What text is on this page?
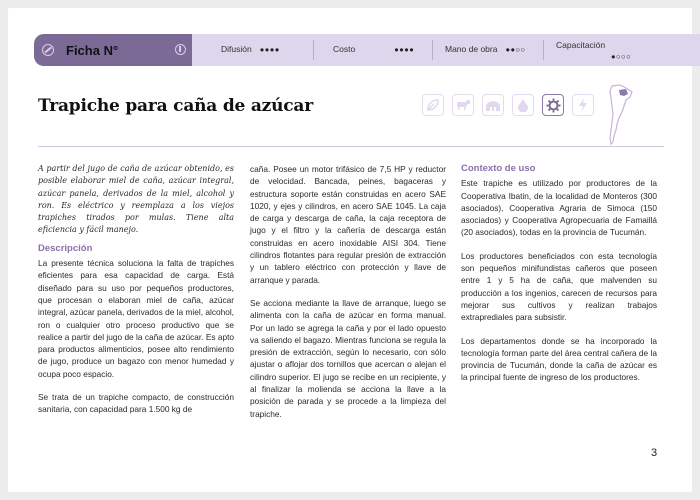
Ficha N°	Difusión ●●●●	Costo	●●●●	Mano de obra ●●○○	Capacitación
●○○○
Trapiche para caña de azúcar

A partir del jugo de caña de azúcar obtenido, es posible elaborar miel de caña, azúcar integral, azúcar panela, derivados de la miel, alcohol y ron. Es eléctrico y reemplaza a los viejos trapiches tirados por mulas. Tiene alta eficiencia y fácil manejo.

Descripción

La presente técnica soluciona la falta de trapiches eficientes para esa capacidad de carga. Está diseñado para su uso por pequeños productores, que procesan o elaboran miel de caña, azúcar integral, azúcar panela, derivados de la miel, alcohol, ron o cualquier otro proceso productivo que se realice a partir del jugo de la caña de azúcar. Es apto para productos alimenticios, posee alto rendimiento de jugo, produce un bagazo con menor humedad y ocupa poco espacio.

Se trata de un trapiche compacto, de construcción sanitaria, con capacidad para 1.500 kg de

caña. Posee un motor trifásico de 7,5 HP y reductor de velocidad. Bancada, peines, bagaceras y estructura soporte están construidas en acero SAE 1020, y ejes y cilindros, en acero SAE 1045. La caja de carga y descarga de caña, la caja receptora de jugo y el filtro y la cañería de descarga están construidas en acero inoxidable AISI 304. Tiene cilindros flotantes para regular presión de extracción y un tablero eléctrico con protección y llave de arranque y parada.

Se acciona mediante la llave de arranque, luego se alimenta con la caña de azúcar en forma manual. Por un lado se agrega la caña y por el lado opuesto va saliendo el bagazo. Mientras funciona se regula la presión de extracción, según lo necesario, con sólo ajustar o aflojar dos tornillos que acercan o alejan el cilindro superior. El jugo se recibe en un recipiente, y al finalizar la molienda se acciona la llave a la posición de parada y se procede a la limpieza del trapiche.

Contexto de uso

Este trapiche es utilizado por productores de la Cooperativa Ibatin, de la localidad de Monteros (300 asociados), Cooperativa Agraria de Simoca (150 asociados) y Cooperativa Agropecuaria de Famaillá (20 asociados), todas en la provincia de Tucumán.

Los productores beneficiados con esta tecnología son pequeños minifundistas cañeros que poseen entre 1 y 5 ha de caña, que malvenden su producción a los ingenios, carecen de recursos para mejorar sus cultivos y realizan trabajos extraprediales para subsistir.

Los departamentos donde se ha incorporado la tecnología forman parte del área central cañera de la provincia de Tucumán, donde la caña de azúcar es la principal fuente de ingreso de los productores.

3
